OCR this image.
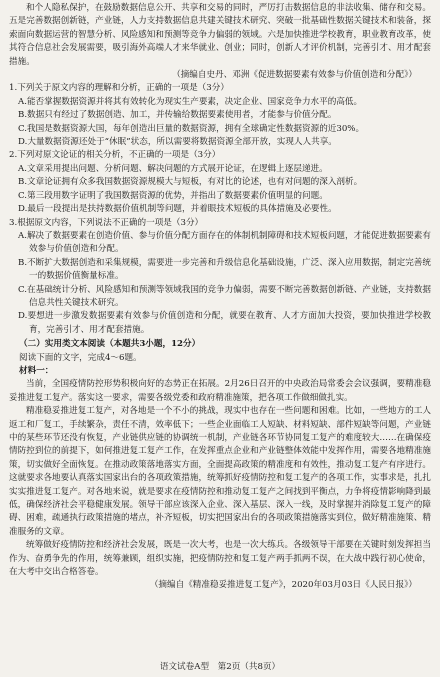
和个人隐私保护，在鼓励数据信息公开、共享和交易的同时，严厉打击数据信息的非法收集、储存和交易。五是完善数据创新链，产业链，人力支持数据信息共建关键技术研究、突破一批基础性数据关键技术和装备，探索面向数据运营的智慧分析、风险感知和预测等竞争力偏弱的领域。六是加快推进学校教育，职业教育改革，使其符合信息社会发展需要，吸引海外高端人才来华就业、创业；同时，创新人才评价机制，完善引才、用才配套措施。

（摘编自史丹、邓洲《促进数据要素有效参与价值创造和分配》）

1.下列关于原文内容的理解和分析，正确的一项是（3分）

A.能否掌握数据资源并将其有效转化为现实生产要素，决定企业、国家竞争力水平的高低。

B.数据只有经过了数据创造、加工，并传输给数据要素使用者，才能参与价值分配。

C.我国是数据资源大国，每年创造出巨量的数据资源，拥有全球确定性数据资源的近30%。

D.大量数据资源还处于“休眠”状态，所以需要将数据资源全部开放，实现人人共享。

2.下列对原文论证的相关分析，不正确的一项是（3分）

A.文章采用提出问题、分析问题、解决问题的方式展开论证，在逻辑上逐层递进。

B.文章论证拥有众多我国数据资源规模大与短板，有对比的论述，也有对问题的深入剖析。

C.第三段用数字证明了我国数据资源的优势，并指出了数据要素价值明显的问题。

D.最后一段提出是扶持数据价值机制等问题，并着眼技术短板的具体措施及必要性。

3.根据原文内容，下列说法不正确的一项是（3分）

A.解决了数据要素在创造价值、参与价值分配方面存在的体制机制障碍和技术短板问题，才能促进数据要素有效参与价值创造和分配。

B.不断扩大数据创造和采集规模，需要进一步完善和升级信息化基础设施，广泛、深入应用数据，制定完善统一的数据价值衡量标准。

C.在基础统计分析、风险感知和预测等领域我国的竞争力偏弱，需要不断完善数据创新链、产业链，支持数据信息共性关键技术研究。

D.要想进一步激发数据要素有效参与价值创造和分配，就要在教育、人才方面加大投资，要加快推进学校教育，完善引才、用才配套措施。

（二）实用类文本阅读（本题共3小题，12分）

阅读下面的文字，完成4～6题。

材料一：

当前，全国疫情防控形势积极向好的态势正在拓展。2月26日召开的中央政治局常委会会议强调，要精准稳妥推进复工复产。落实这一要求，需要各级党委和政府精准施策，把各项工作做细做扎实。

精准稳妥推进复工复产，对各地是一个不小的挑战，现实中也存在一些问题和困难。比如，一些地方的工人返工和厂复工，手续繁杂，责任不清，效率低下；一些企业面临工人短缺、材料短缺、部件短缺等问题，产业链中的某些环节还没有恢复，产业链供应链的协调统一机制，产业链各环节协同复工复产的难度较大……在确保疫情防控到位的前提下，如何推进复工复产工作，在发挥重点企业和产业链整体效能中发挥作用，需要各地精准施策，切实做好全面恢复。在推动政策落地落实方面，全面提高政策的精准度和有效性，推动复工复产有序进行。这就要求各地要认真落实国家出台的各项政策措施，统筹抓好疫情防控和复工复产的各项工作，实事求是，扎扎实实推进复工复产。对各地来说，就是要求在疫情防控和推动复工复产之间找到平衡点，力争将疫情影响降到最低，确保经济社会平稳健康发展。领导干部应该深入企业、深入基层、深入一线，及时掌握并消除复工复产的障碍、困难，疏通执行政策措施的堵点，补齐短板，切实把国家出台的各项政策措施落实到位，做好精准施策、精准服务的文章。

统筹做好疫情防控和经济社会发展，既是一次大考，也是一次大练兵。各级领导干部要在关键时刻发挥担当作为、奋勇争先的作用，统筹兼顾，组织实施，把疫情防控和复工复产两手抓两不误，在大战中践行初心使命，在大考中交出合格答卷。

（摘编自《精准稳妥推进复工复产》，2020年03月03日《人民日报》）

语文试卷A型　第2页（共8页）
